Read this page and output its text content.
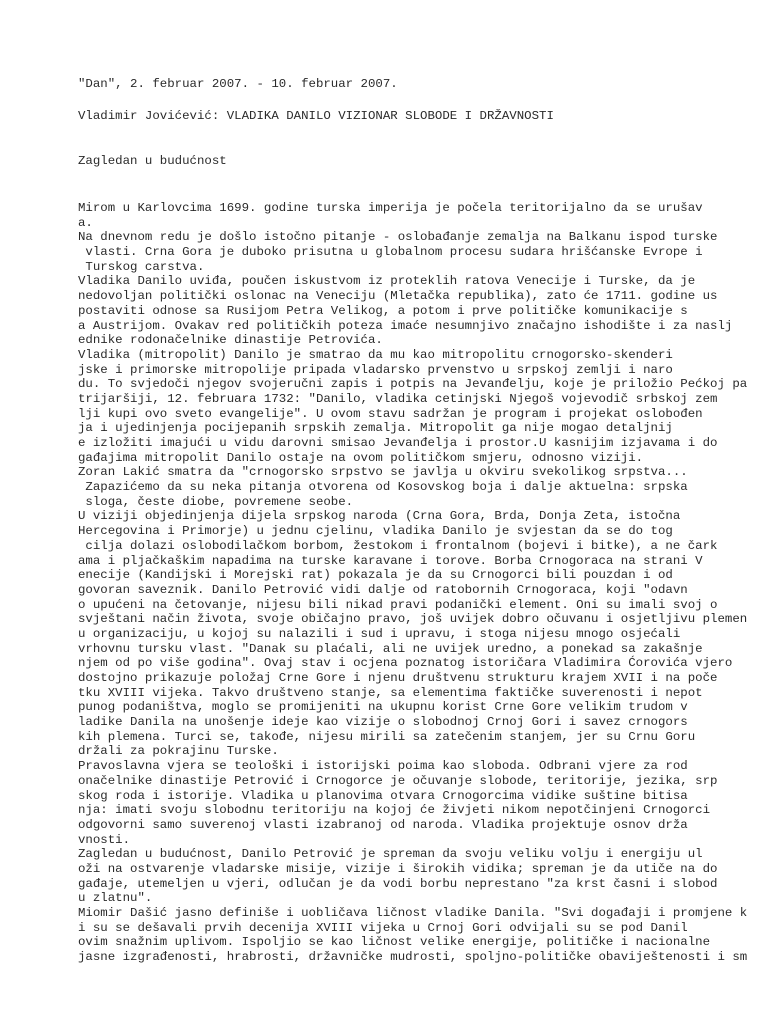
"Dan", 2. februar 2007. - 10. februar 2007.
Vladimir Jovićević: VLADIKA DANILO VIZIONAR SLOBODE I DRŽAVNOSTI
Zagledan u budućnost
Mirom u Karlovcima 1699. godine turska imperija je počela teritorijalno da se urušav
a.
Na dnevnom redu je došlo istočno pitanje - oslobađanje zemalja na Balkanu ispod turske
vlasti. Crna Gora je duboko prisutna u globalnom procesu sudara hrišćanske Evrope i
Turskog carstva.
Vladika Danilo uviđa, poučen iskustvom iz proteklih ratova Venecije i Turske, da je
nedovoljan politički oslonac na Veneciju (Mletačka republika), zato će 1711. godine us
postaviti odnose sa Rusijom Petra Velikog, a potom i prve političke komunikacije s
a Austrijom. Ovakav red političkih poteza imaće nesumnjivo značajno ishodište i za naslj
ednike rodonačelnike dinastije Petrovića.
Vladika (mitropolit) Danilo je smatrao da mu kao mitropolitu crnogorsko-skenderi
jske i primorske mitropolije pripada vladarsko prvenstvo u srpskoj zemlji i naro
du. To svjedoči njegov svojeručni zapis i potpis na Jevanđelju, koje je priložio Pećkoj pa
trijaršiji, 12. februara 1732: "Danilo, vladika cetinjski Njegoš vojevodič srbskoj zem
lji kupi ovo sveto evangelije". U ovom stavu sadržan je program i projekat oslobođen
ja i ujedinjenja pocijepanih srpskih zemalja. Mitropolit ga nije mogao detaljnij
e izložiti imajući u vidu darovni smisao Jevanđelja i prostor.U kasnijim izjavama i do
gađajima mitropolit Danilo ostaje na ovom političkom smjeru, odnosno viziji.
Zoran Lakić smatra da "crnogorsko srpstvo se javlja u okviru svekolikog srpstva...
Zapazićemo da su neka pitanja otvorena od Kosovskog boja i dalje aktuelna: srpska
sloga, česte diobe, povremene seobe.
U viziji objedinjenja dijela srpskog naroda (Crna Gora, Brda, Donja Zeta, istočna
Hercegovina i Primorje) u jednu cjelinu, vladika Danilo je svjestan da se do tog
cilja dolazi oslobodilačkom borbom, žestokom i frontalnom (bojevi i bitke), a ne čark
ama i pljačkaškim napadima na turske karavane i torove. Borba Crnogoraca na strani V
enecije (Kandijski i Morejski rat) pokazala je da su Crnogorci bili pouzdan i od
govoran saveznik. Danilo Petrović vidi dalje od ratobornih Crnogoraca, koji "odavn
o upućeni na četovanje, nijesu bili nikad pravi podanički element. Oni su imali svoj o
svještani način života, svoje običajno pravo, još uvijek dobro očuvanu i osjetljivu plemen
u organizaciju, u kojoj su nalazili i sud i upravu, i stoga nijesu mnogo osjećali
vrhovnu tursku vlast. "Danak su plaćali, ali ne uvijek uredno, a ponekad sa zakašnje
njem od po više godina". Ovaj stav i ocjena poznatog istoričara Vladimira Ćorovića vjero
dostojno prikazuje položaj Crne Gore i njenu društvenu strukturu krajem XVII i na poče
tku XVIII vijeka. Takvo društveno stanje, sa elementima faktičke suverenosti i nepot
punog podaništva, moglo se promijeniti na ukupnu korist Crne Gore velikim trudom v
ladike Danila na unošenje ideje kao vizije o slobodnoj Crnoj Gori i savez crnogors
kih plemena. Turci se, takođe, nijesu mirili sa zatečenim stanjem, jer su Crnu Goru
držali za pokrajinu Turske.
Pravoslavna vjera se teološki i istorijski poima kao sloboda. Odbrani vjere za rod
onačelnike dinastije Petrović i Crnogorce je očuvanje slobode, teritorije, jezika, srp
skog roda i istorije. Vladika u planovima otvara Crnogorcima vidike suštine bitisa
nja: imati svoju slobodnu teritoriju na kojoj će živjeti nikom nepotčinjeni Crnogorci
odgovorni samo suverenoj vlasti izabranoj od naroda. Vladika projektuje osnov drža
vnosti.
Zagledan u budućnost, Danilo Petrović je spreman da svoju veliku volju i energiju ul
oži na ostvarenje vladarske misije, vizije i širokih vidika; spreman je da utiče na do
gađaje, utemeljen u vjeri, odlučan je da vodi borbu neprestano "za krst časni i slobod
u zlatnu".
Miomir Dašić jasno definiše i uobličava ličnost vladike Danila. "Svi događaji i promjene k
i su se dešavali prvih decenija XVIII vijeka u Crnoj Gori odvijali su se pod Danil
ovim snažnim uplivom. Ispoljio se kao ličnost velike energije, političke i nacionalne
jasne izgrađenosti, hrabrosti, državničke mudrosti, spoljno-političke obaviještenosti i sm
